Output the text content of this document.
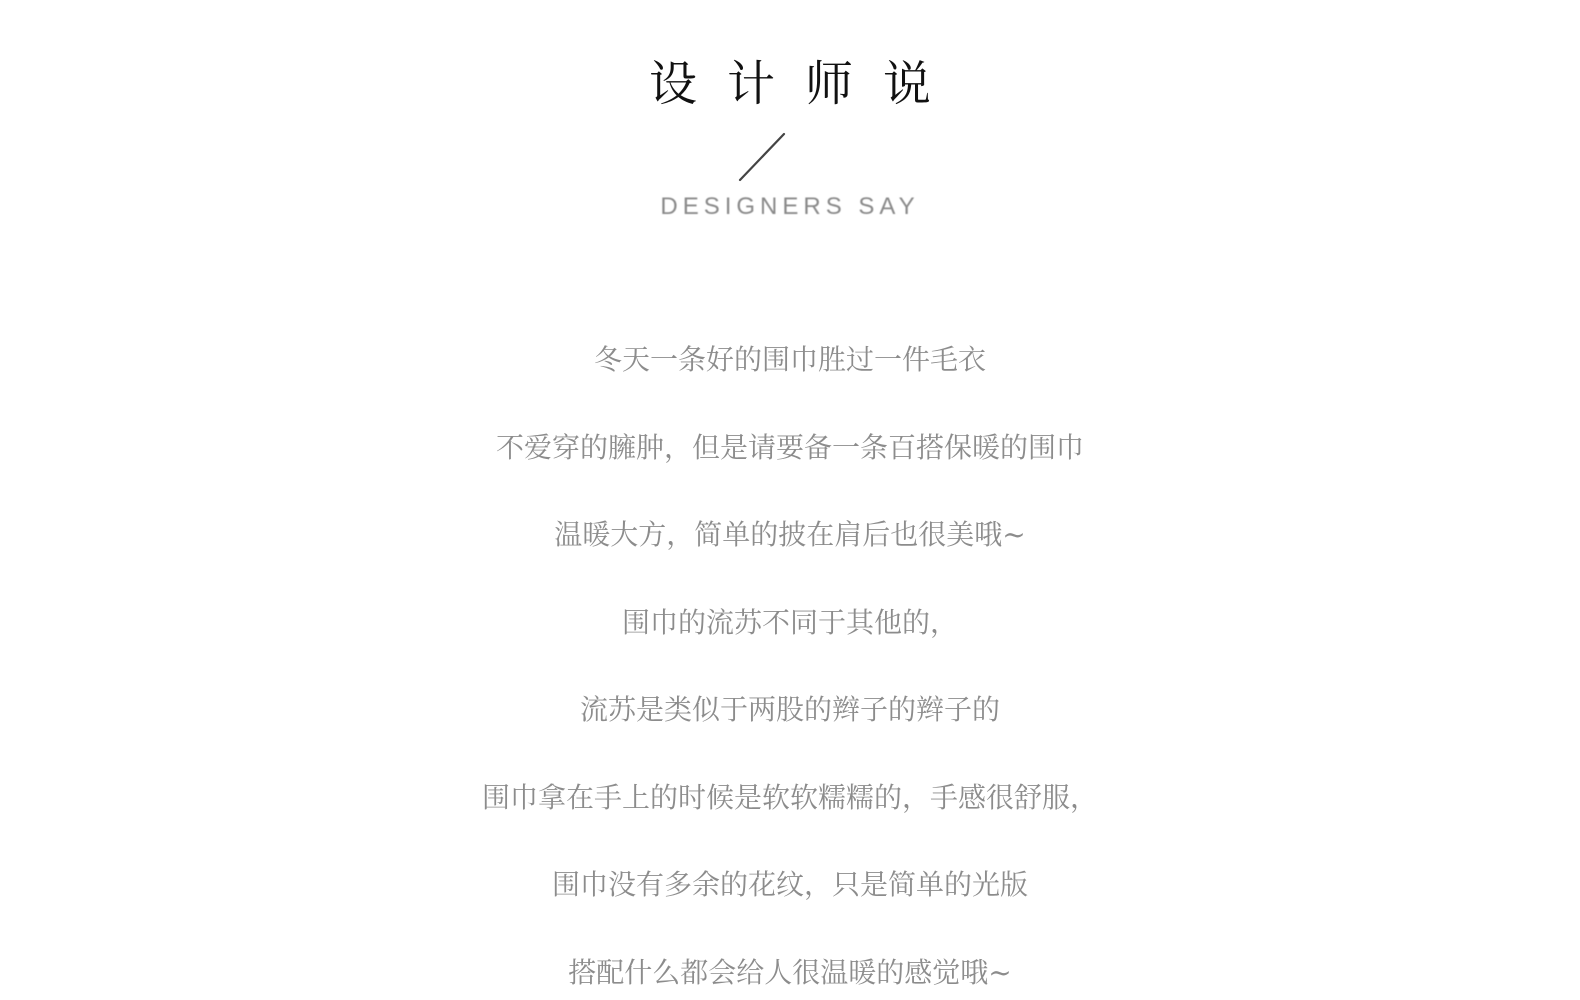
设计师说
DESIGNERS SAY
冬天一条好的围巾胜过一件毛衣
不爱穿的臃肿，但是请要备一条百搭保暖的围巾
温暖大方，简单的披在肩后也很美哦~
围巾的流苏不同于其他的，
流苏是类似于两股的辫子的辫子的
围巾拿在手上的时候是软软糯糯的，手感很舒服，
围巾没有多余的花纹，只是简单的光版
搭配什么都会给人很温暖的感觉哦~
